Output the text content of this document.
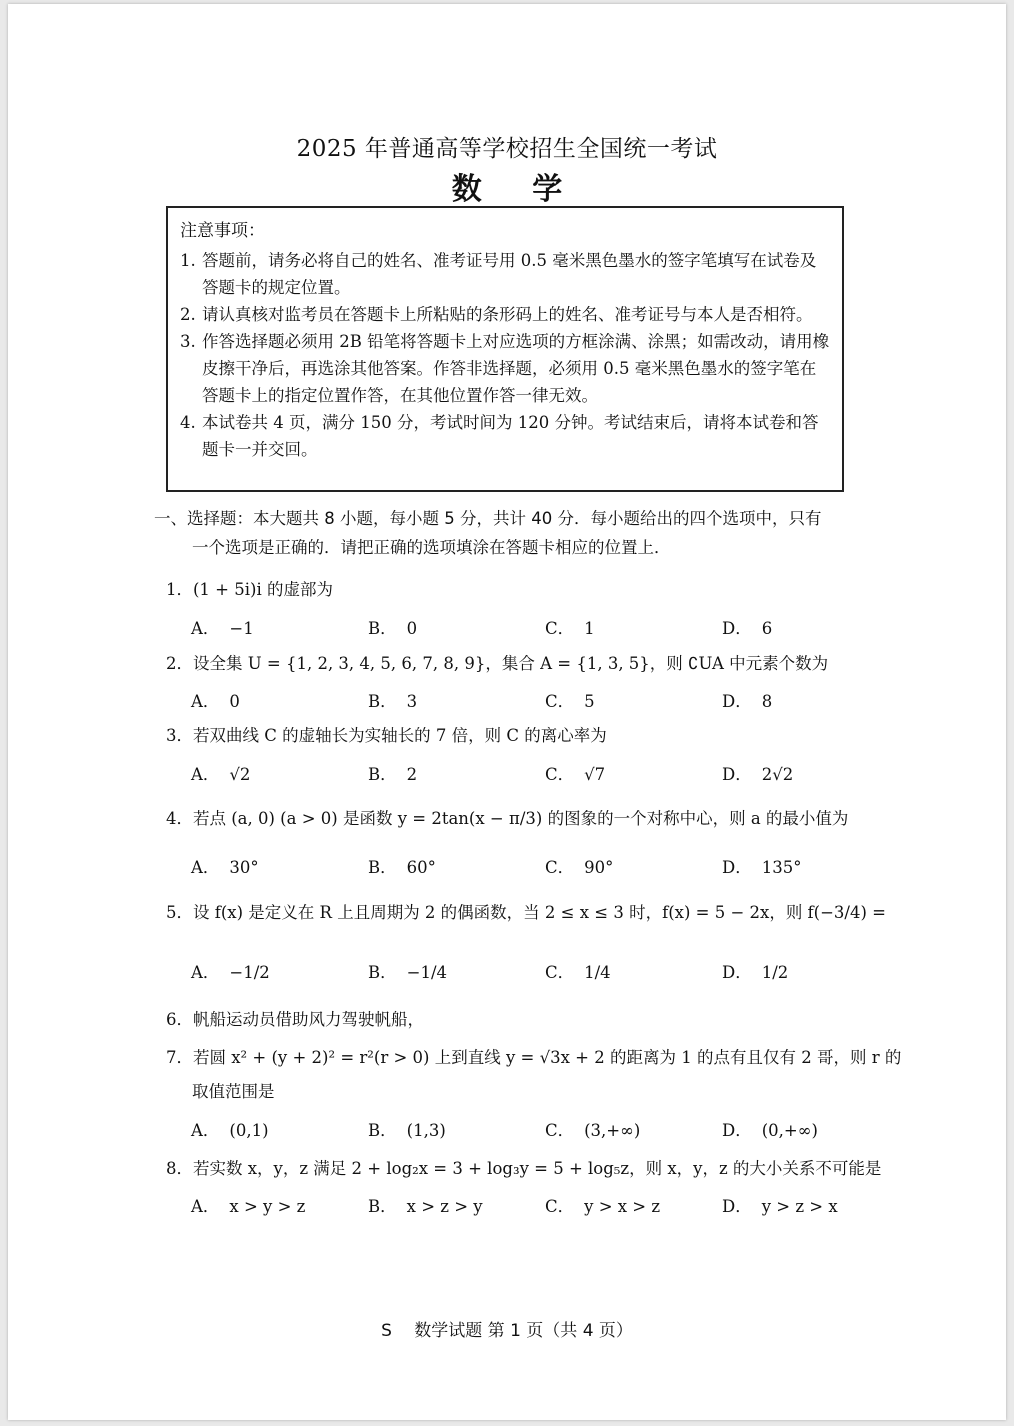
2025 年普通高等学校招生全国统一考试
数 学
注意事项：
1. 答题前，请务必将自己的姓名、准考证号用 0.5 毫米黑色墨水的签字笔填写在试卷及答题卡的规定位置。
2. 请认真核对监考员在答题卡上所粘贴的条形码上的姓名、准考证号与本人是否相符。
3. 作答选择题必须用 2B 铅笔将答题卡上对应选项的方框涂满、涂黑；如需改动，请用橡皮擦干净后，再选涂其他答案。作答非选择题，必须用 0.5 毫米黑色墨水的签字笔在答题卡上的指定位置作答，在其他位置作答一律无效。
4. 本试卷共 4 页，满分 150 分，考试时间为 120 分钟。考试结束后，请将本试卷和答题卡一并交回。
一、选择题：本大题共 8 小题，每小题 5 分，共计 40 分．每小题给出的四个选项中，只有
一个选项是正确的．请把正确的选项填涂在答题卡相应的位置上．
1．(1 + 5i)i 的虚部为
A． −1	B． 0	C． 1	D． 6
2．设全集 U = {1, 2, 3, 4, 5, 6, 7, 8, 9}，集合 A = {1, 3, 5}，则 ∁UA 中元素个数为
A． 0	B． 3	C． 5	D． 8
3．若双曲线 C 的虚轴长为实轴长的 7 倍，则 C 的离心率为
A． √2	B． 2	C． √7	D． 2√2
4．若点 (a, 0) (a > 0) 是函数 y = 2tan(x − π/3) 的图象的一个对称中心，则 a 的最小值为
A． 30°	B． 60°	C． 90°	D． 135°
5．设 f(x) 是定义在 R 上且周期为 2 的偶函数，当 2 ≤ x ≤ 3 时，f(x) = 5 − 2x，则 f(−3/4) =
A． −1/2	B． −1/4	C． 1/4	D． 1/2
6．帆船运动员借助风力驾驶帆船，
7．若圆 x² + (y + 2)² = r²(r > 0) 上到直线 y = √3x + 2 的距离为 1 的点有且仅有 2 哥，则 r 的
取值范围是
A． (0,1)	B． (1,3)	C． (3,+∞)	D． (0,+∞)
8．若实数 x，y，z 满足 2 + log₂x = 3 + log₃y = 5 + log₅z，则 x，y，z 的大小关系不可能是
A． x > y > z	B． x > z > y	C． y > x > z	D． y > z > x
S　 数学试题 第 1 页（共 4 页）
